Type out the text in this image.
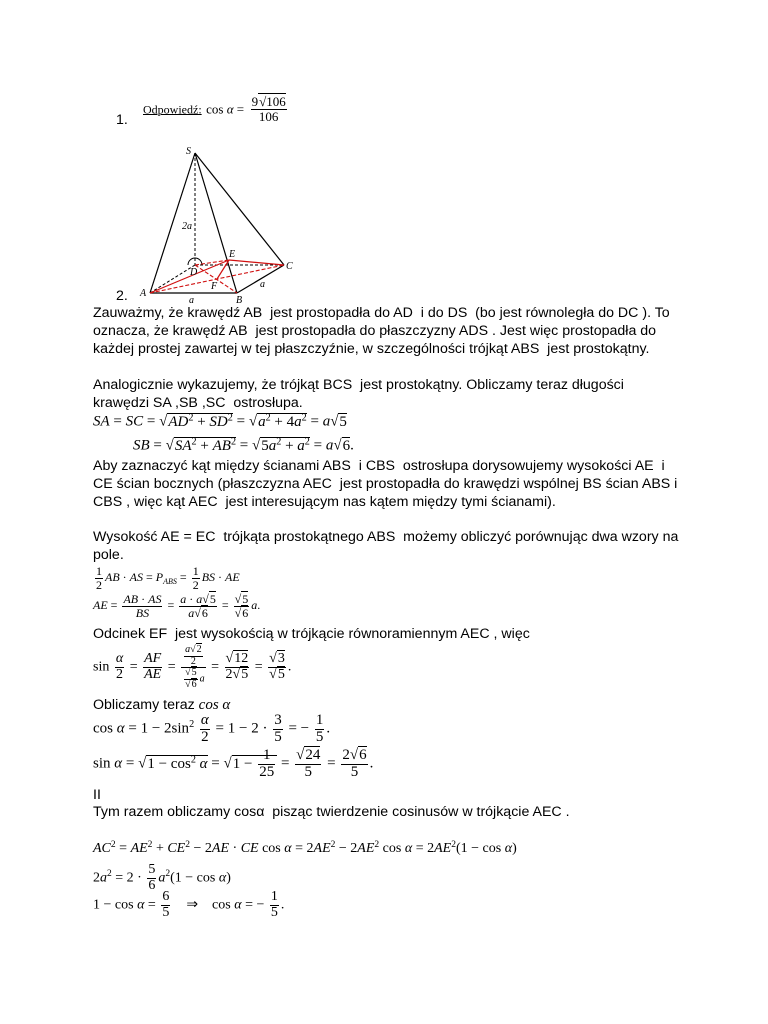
1.
Odpowiedź: $\cos \alpha = \frac{9√106}{106}$
2.
S
A
B
C
D
E
F
2a
a
a
Zauważmy, że krawędź AB  jest prostopadła do AD  i do DS  (bo jest równoległa do DC ). To oznacza, że krawędź AB  jest prostopadła do płaszczyzny ADS . Jest więc prostopadła do każdej prostej zawartej w tej płaszczyźnie, w szczególności trójkąt ABS  jest prostokątny.
Analogicznie wykazujemy, że trójkąt BCS  jest prostokątny. Obliczamy teraz długości krawędzi SA ,SB ,SC  ostrosłupa.
SA = SC = $√AD^2 + SD^2 = √a^2 + 4a^2 = a√5$
SB = $√SA^2 + AB^2 = √5a^2 + a^2 = a√6$.
Aby zaznaczyć kąt między ścianami ABS  i CBS  ostrosłupa dorysowujemy wysokości AE  i CE ścian bocznych (płaszczyzna AEC  jest prostopadła do krawędzi wspólnej BS ścian ABS i CBS , więc kąt AEC  jest interesującym nas kątem między tymi ścianami).
Wysokość AE = EC  trójkąta prostokątnego ABS  możemy obliczyć porównując dwa wzory na pole.
$\frac{1}{2}$ AB · AS = $P_{ABS} = \frac{1}{2}$ BS · AE
AE = $\frac{AB \cdot AS}{BS} = \frac{a \cdot a√5}{a√6} = \frac{√5}{√6} a$.
Odcinek EF  jest wysokością w trójkącie równoramiennym AEC , więc
$\sin \frac{\alpha}{2} = \frac{AF}{AE} = \frac{\frac{a√2}{2}}{\frac{√5}{√6} a} = \frac{√12}{2√5} = \frac{√3}{√5}$ .
Obliczamy teraz cos α
$\cos \alpha = 1 - 2\sin^2 \frac{\alpha}{2} = 1 - 2 \cdot \frac{3}{5}$ = − $\frac{1}{5}$ .
$\sin \alpha = √1 - \cos^2 \alpha = √1 - \frac{1}{25} = \frac{√24}{5} = \frac{2√6}{5}$ .
II
Tym razem obliczamy cosα  pisząc twierdzenie cosinusów w trójkącie AEC .
$AC^2 = AE^2 + CE^2 - 2AE$ · CE $\cos \alpha = 2AE^2 - 2AE^2$ $\cos \alpha = 2AE^2(1 - \cos \alpha)$
$2a^2 = 2 \cdot \frac{5}{6} a^2(1 - \cos \alpha)$
$1 - \cos \alpha = \frac{6}{5}$ ⇒    cos α = − $\frac{1}{5}$ .
